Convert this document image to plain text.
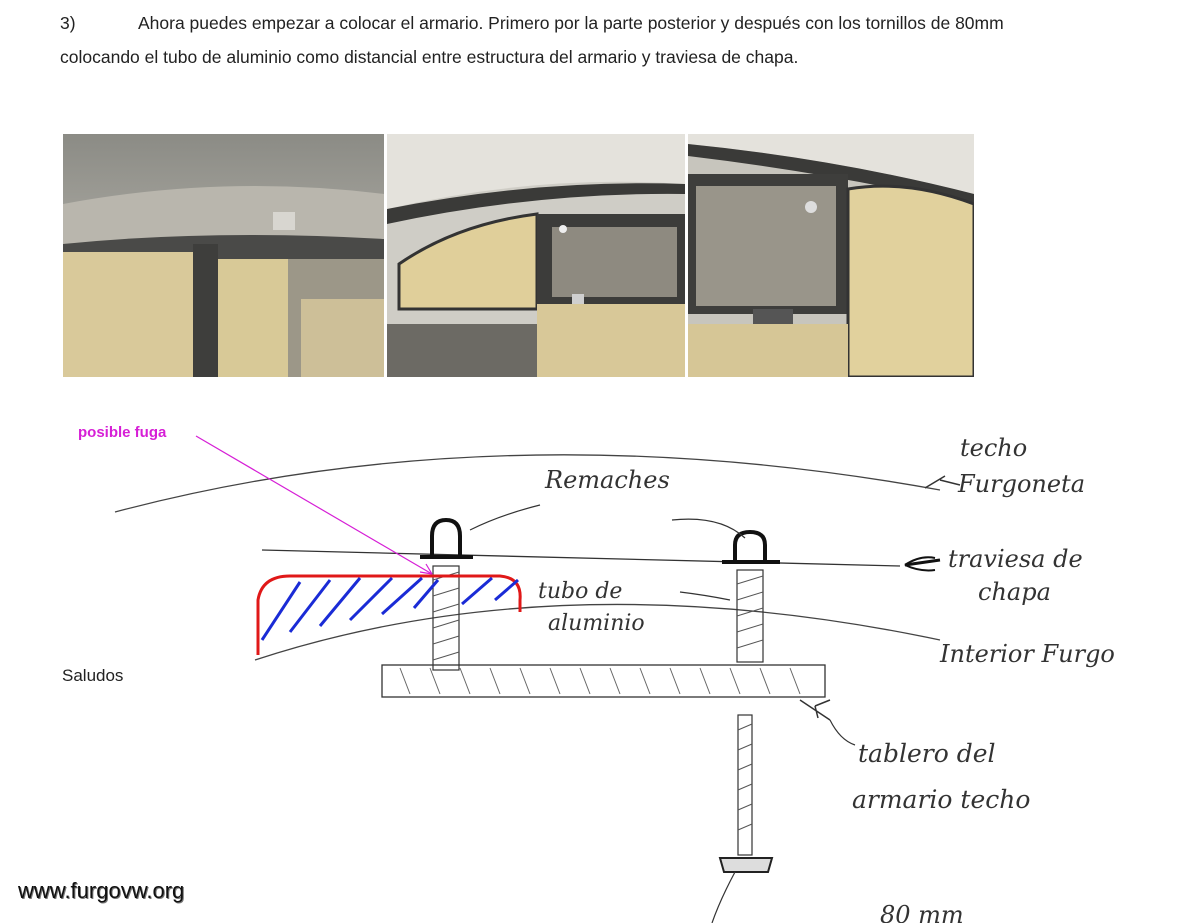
3)	Ahora puedes empezar a colocar el armario. Primero por la parte posterior y después con los tornillos de 80mm colocando el tubo de aluminio como distancial entre estructura del armario y traviesa de chapa.

Remaches
techo
Furgoneta
traviesa de
chapa
tubo de
aluminio
Interior Furgo
tablero del
armario techo
80 mm

posible fuga

Saludos

www.furgovw.org
